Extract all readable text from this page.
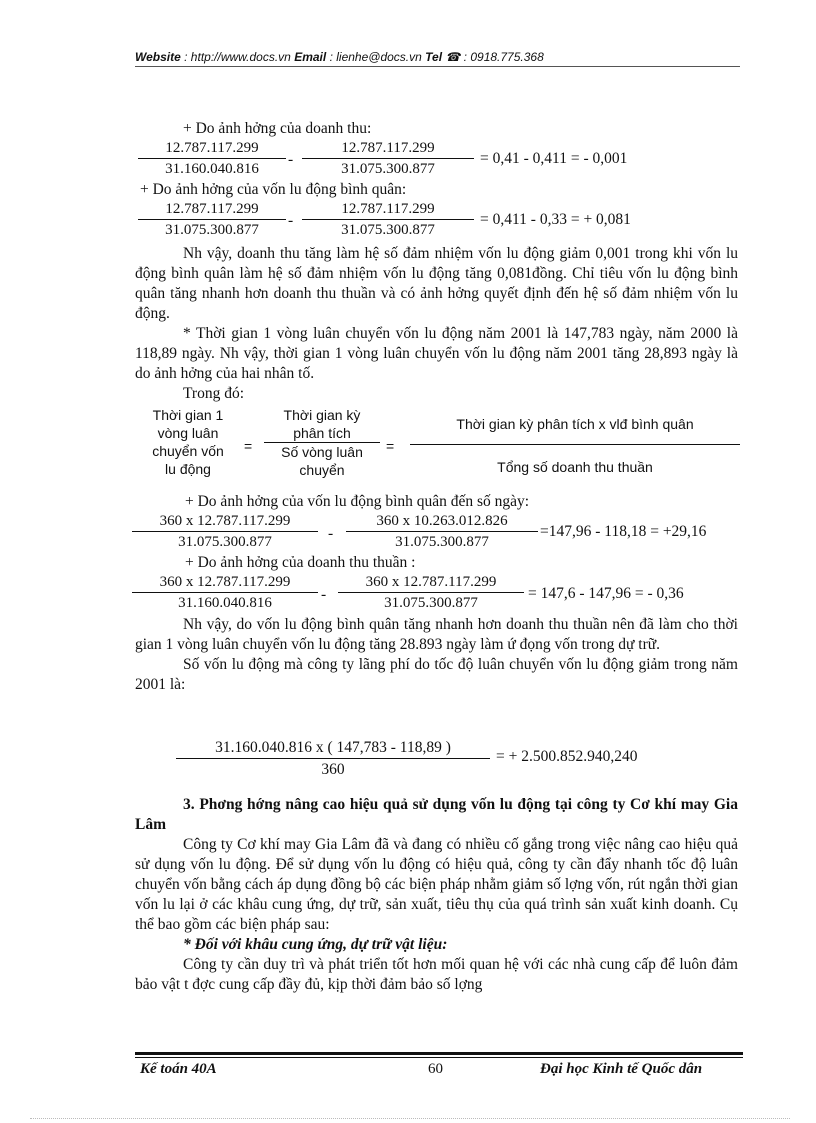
Website : http://www.docs.vn Email : lienhe@docs.vn Tel ☎ : 0918.775.368
+ Do ảnh hởng của doanh thu:
12.787.117.299
31.160.040.816
-
12.787.117.299
31.075.300.877
= 0,41 - 0,411 = - 0,001
+ Do ảnh hởng của vốn lu động bình quân:
12.787.117.299
31.075.300.877
-
12.787.117.299
31.075.300.877
= 0,411 - 0,33 = + 0,081

Nh vậy, doanh thu tăng làm hệ số đảm nhiệm vốn lu động giảm 0,001 trong khi vốn lu động bình quân làm hệ số đảm nhiệm vốn lu động tăng 0,081đồng. Chỉ tiêu vốn lu động bình quân tăng nhanh hơn doanh thu thuần và có ảnh hởng quyết định đến hệ số đảm nhiệm vốn lu động.

* Thời gian 1 vòng luân chuyển vốn lu động năm 2001 là 147,783 ngày, năm 2000 là 118,89 ngày. Nh vậy, thời gian 1 vòng luân chuyển vốn lu động năm 2001 tăng 28,893 ngày là do ảnh hởng của hai nhân tố.

Trong đó:

Thời gian 1
vòng luân
chuyển vốn
lu động
=
Thời gian kỳ
phân tích
Số vòng luân
chuyển
=
Thời gian kỳ phân tích x vlđ bình quân
Tổng số doanh thu thuần
+ Do ảnh hởng của vốn lu động bình quân đến số ngày:
360 x 12.787.117.299
31.075.300.877	-
360 x 10.263.012.826
31.075.300.877
=147,96 - 118,18 = +29,16
+ Do ảnh hởng của doanh thu thuần :
360 x 12.787.117.299
31.160.040.816	-
360 x 12.787.117.299
31.075.300.877
= 147,6 - 147,96 = - 0,36

Nh vậy, do vốn lu động bình quân tăng nhanh hơn doanh thu thuần nên đã làm cho thời gian 1 vòng luân chuyển vốn lu động tăng 28.893 ngày làm ứ đọng vốn trong dự trữ.

Số vốn lu động mà công ty lãng phí do tốc độ luân chuyển vốn lu động giảm trong năm 2001 là:

31.160.040.816 x ( 147,783 - 118,89 )
360
= + 2.500.852.940,240

3. Phơng hớng nâng cao hiệu quả sử dụng vốn lu động tại công ty Cơ khí may Gia Lâm

Công ty Cơ khí may Gia Lâm đã và đang có nhiều cố gắng trong việc nâng cao hiệu quả sử dụng vốn lu động. Để sử dụng vốn lu động có hiệu quả, công ty cần đẩy nhanh tốc độ luân chuyển vốn bằng cách áp dụng đồng bộ các biện pháp nhằm giảm số lợng vốn, rút ngắn thời gian vốn lu lại ở các khâu cung ứng, dự trữ, sản xuất, tiêu thụ của quá trình sản xuất kinh doanh. Cụ thể bao gồm các biện pháp sau:

* Đối với khâu cung ứng, dự trữ vật liệu:

Công ty cần duy trì và phát triển tốt hơn mối quan hệ với các nhà cung cấp để luôn đảm bảo vật t đợc cung cấp đầy đủ, kịp thời đảm bảo số lợng

Kế toán 40A	60	Đại học Kinh tế Quốc dân
